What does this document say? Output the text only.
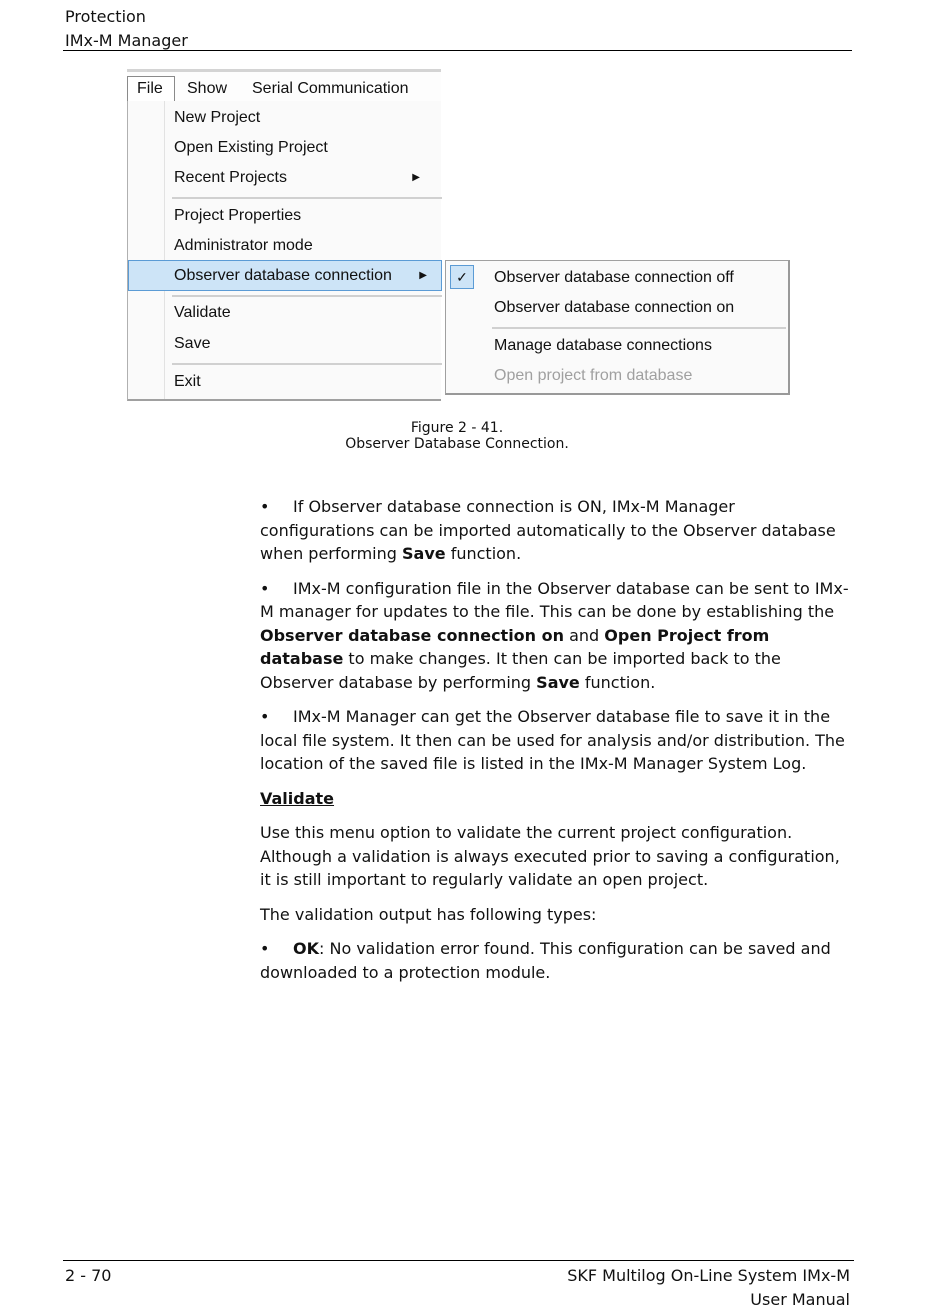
Protection
IMx-M Manager
File	Show Serial Communication
New Project
Open Existing Project
Recent Projects	▶
Project Properties
Administrator mode
Observer database connection	▶
Validate
Save
Exit
✓	Observer database connection off
Observer database connection on
Manage database connections
Open project from database
Figure 2 - 41.
Observer Database Connection.

• If Observer database connection is ON, IMx-M Manager configurations can be imported automatically to the Observer database when performing Save function.

• IMx-M configuration file in the Observer database can be sent to IMx-M manager for updates to the file. This can be done by establishing the Observer database connection on and Open Project from database to make changes. It then can be imported back to the Observer database by performing Save function.

• IMx-M Manager can get the Observer database file to save it in the local file system. It then can be used for analysis and/or distribution. The location of the saved file is listed in the IMx-M Manager System Log.

Validate

Use this menu option to validate the current project configuration. Although a validation is always executed prior to saving a configuration, it is still important to regularly validate an open project.

The validation output has following types:

• OK: No validation error found. This configuration can be saved and downloaded to a protection module.

2 - 70	SKF Multilog On-Line System IMx-M
User Manual
